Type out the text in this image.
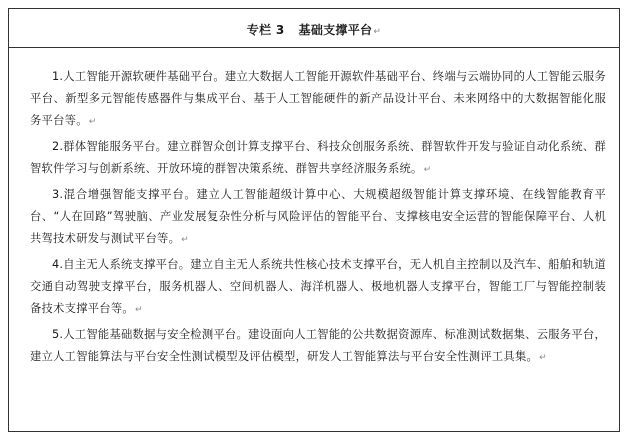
专栏 3 基础支撑平台↵

1.人工智能开源软硬件基础平台。建立大数据人工智能开源软件基础平台、终端与云端协同的人工智能云服务平台、新型多元智能传感器件与集成平台、基于人工智能硬件的新产品设计平台、未来网络中的大数据智能化服务平台等。↵

2.群体智能服务平台。建立群智众创计算支撑平台、科技众创服务系统、群智软件开发与验证自动化系统、群智软件学习与创新系统、开放环境的群智决策系统、群智共享经济服务系统。↵

3.混合增强智能支撑平台。建立人工智能超级计算中心、大规模超级智能计算支撑环境、在线智能教育平台、“人在回路”驾驶脑、产业发展复杂性分析与风险评估的智能平台、支撑核电安全运营的智能保障平台、人机共驾技术研发与测试平台等。↵

4.自主无人系统支撑平台。建立自主无人系统共性核心技术支撑平台，无人机自主控制以及汽车、船舶和轨道交通自动驾驶支撑平台，服务机器人、空间机器人、海洋机器人、极地机器人支撑平台，智能工厂与智能控制装备技术支撑平台等。↵

5.人工智能基础数据与安全检测平台。建设面向人工智能的公共数据资源库、标准测试数据集、云服务平台，建立人工智能算法与平台安全性测试模型及评估模型，研发人工智能算法与平台安全性测评工具集。↵
